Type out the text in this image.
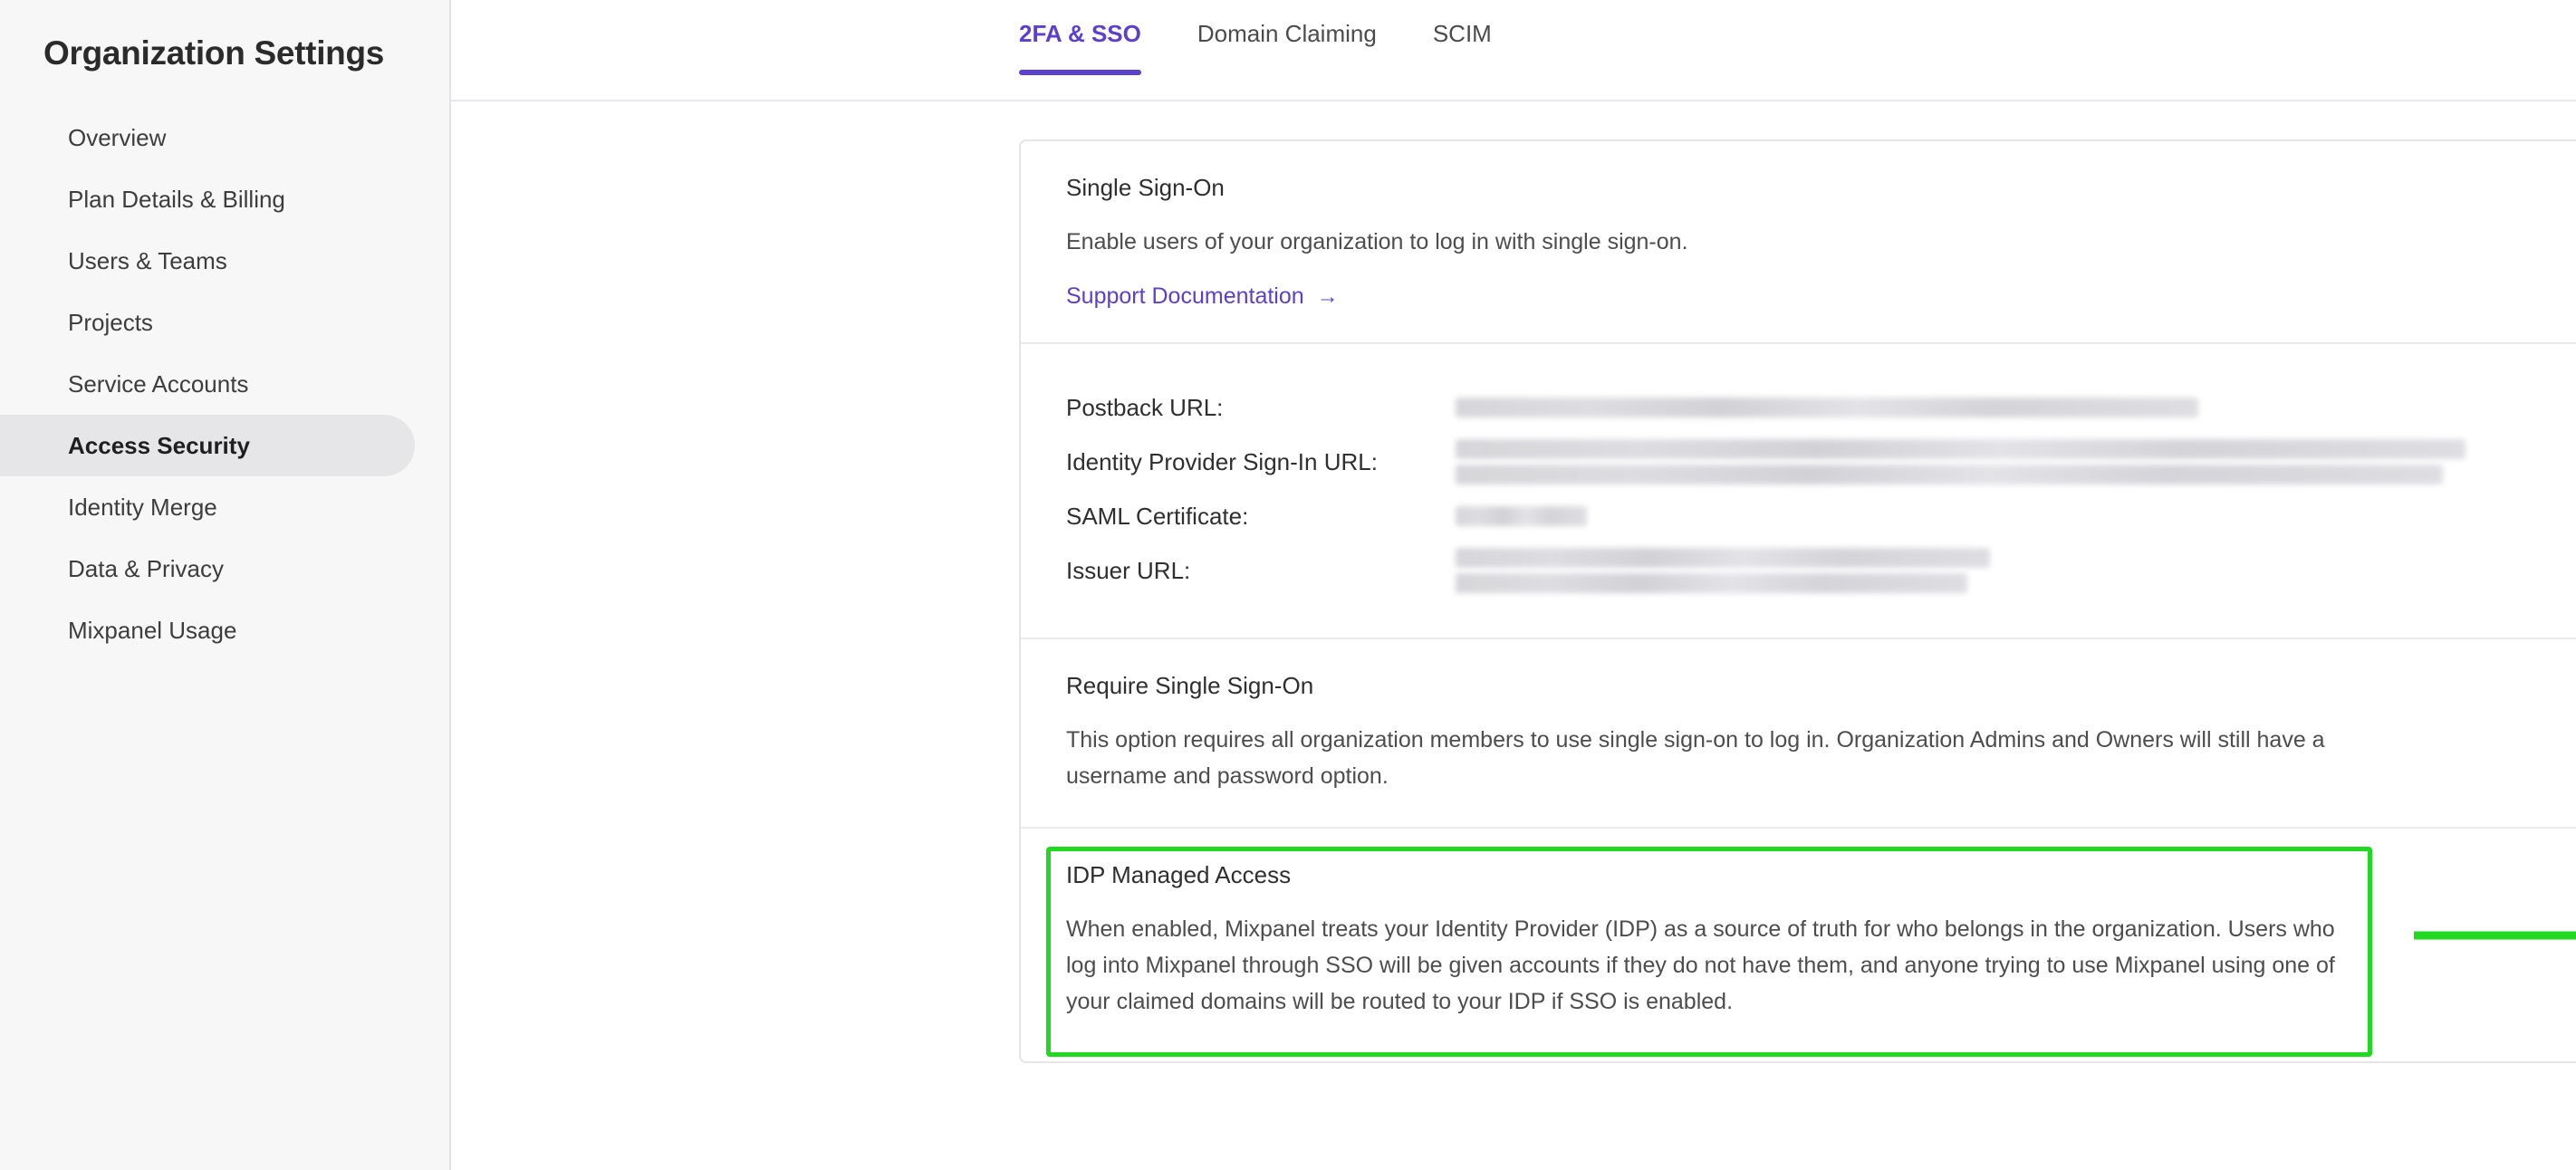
Organization Settings
Overview
Plan Details & Billing
Users & Teams
Projects
Service Accounts
Access Security
Identity Merge
Data & Privacy
Mixpanel Usage
2FA & SSO Domain Claiming SCIM
Single Sign-On
Enable users of your organization to log in with single sign-on.
Support Documentation →
Postback URL:
Identity Provider Sign-In URL:
SAML Certificate:
Issuer URL:
Require Single Sign-On
This option requires all organization members to use single sign-on to log in. Organization Admins and Owners will still have a username and password option.
IDP Managed Access
When enabled, Mixpanel treats your Identity Provider (IDP) as a source of truth for who belongs in the organization. Users who log into Mixpanel through SSO will be given accounts if they do not have them, and anyone trying to use Mixpanel using one of your claimed domains will be routed to your IDP if SSO is enabled.
